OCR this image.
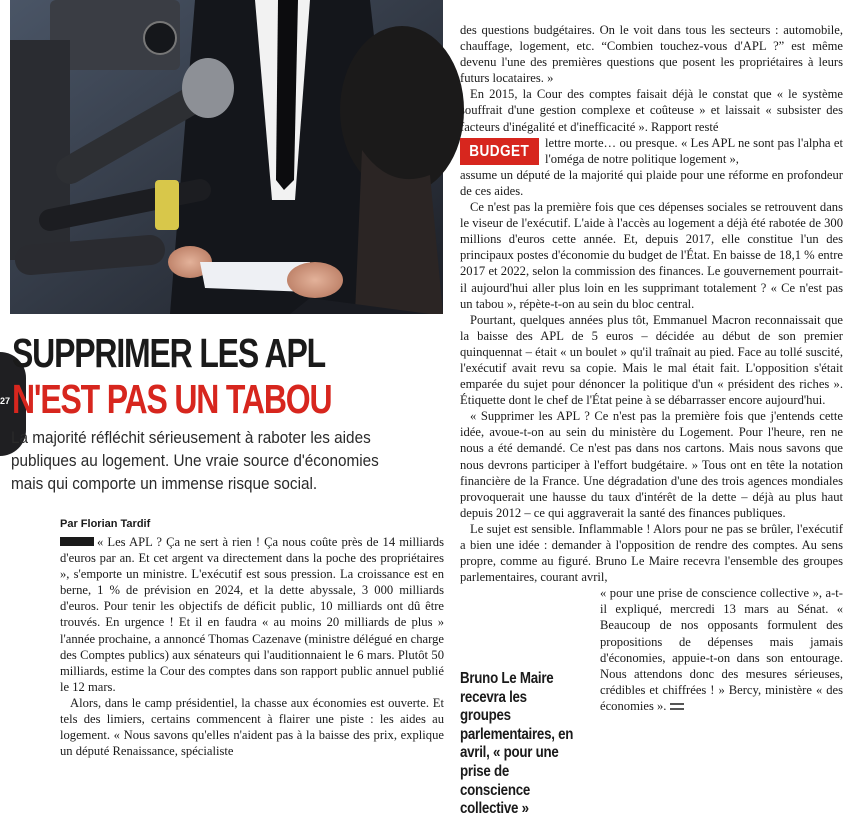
27
SUPPRIMER LES APL
N'EST PAS UN TABOU

La majorité réfléchit sérieusement à raboter les aides publiques au logement. Une vraie source d'économies mais qui comporte un immense risque social.

Par Florian Tardif

« Les APL ? Ça ne sert à rien ! Ça nous coûte près de 14 milliards d'euros par an. Et cet argent va directement dans la poche des propriétaires », s'emporte un ministre. L'exécutif est sous pression. La croissance est en berne, 1 % de prévision en 2024, et la dette abyssale, 3 000 milliards d'euros. Pour tenir les objectifs de déficit public, 10 milliards ont dû être trouvés. En urgence ! Et il en faudra « au moins 20 milliards de plus » l'année prochaine, a annoncé Thomas Cazenave (ministre délégué en charge des Comptes publics) aux sénateurs qui l'auditionnaient le 6 mars. Plutôt 50 milliards, estime la Cour des comptes dans son rapport public annuel publié le 12 mars.

Alors, dans le camp présidentiel, la chasse aux économies est ouverte. Et tels des limiers, certains commencent à flairer une piste : les aides au logement. « Nous savons qu'elles n'aident pas à la baisse des prix, explique un député Renaissance, spécialiste

des questions budgétaires. On le voit dans tous les secteurs : automobile, chauffage, logement, etc. “Combien touchez-vous d'APL ?” est même devenu l'une des premières questions que posent les propriétaires à leurs futurs locataires. »

En 2015, la Cour des comptes faisait déjà le constat que « le système souffrait d'une gestion complexe et coûteuse » et laissait « subsister des facteurs d'inégalité et d'inefficacité ». Rapport resté
lettre morte… ou presque. « Les APL ne sont pas l'alpha et l'oméga de notre politique logement »,
assume un député de la majorité qui plaide pour une réforme en profondeur de ces aides.

Ce n'est pas la première fois que ces dépenses sociales se retrouvent dans le viseur de l'exécutif. L'aide à l'accès au logement a déjà été rabotée de 300 millions d'euros cette année. Et, depuis 2017, elle constitue l'un des principaux postes d'économie du budget de l'État. En baisse de 18,1 % entre 2017 et 2022, selon la commission des finances. Le gouvernement pourrait-il aujourd'hui aller plus loin en les supprimant totalement ? « Ce n'est pas un tabou », répète-t-on au sein du bloc central.

Pourtant, quelques années plus tôt, Emmanuel Macron reconnaissait que la baisse des APL de 5 euros – décidée au début de son premier quinquennat – était « un boulet » qu'il traînait au pied. Face au tollé suscité, l'exécutif avait revu sa copie. Mais le mal était fait. L'opposition s'était emparée du sujet pour dénoncer la politique d'un « président des riches ». Étiquette dont le chef de l'État peine à se débarrasser encore aujourd'hui.

« Supprimer les APL ? Ce n'est pas la première fois que j'entends cette idée, avoue-t-on au sein du ministère du Logement. Pour l'heure, ren ne nous a été demandé. Ce n'est pas dans nos cartons. Mais nous savons que nous devrons participer à l'effort budgétaire. » Tous ont en tête la notation financière de la France. Une dégradation d'une des trois agences mondiales provoquerait une hausse du taux d'intérêt de la dette – déjà au plus haut depuis 2012 – ce qui aggraverait la santé des finances publiques.

Le sujet est sensible. Inflammable ! Alors pour ne pas se brûler, l'exécutif a bien une idée : demander à l'opposition de rendre des comptes. Au sens propre, comme au figuré. Bruno Le Maire recevra l'ensemble des groupes parlementaires, courant avril,
« pour une prise de conscience collective », a-t-il expliqué, mercredi 13 mars au Sénat. « Beaucoup de nos opposants formulent des propositions de dépenses mais jamais d'économies, appuie-t-on dans son entourage. Nous attendons donc des mesures sérieuses, crédibles et chiffrées ! » Bercy, ministère « des économies ».

BUDGET
Bruno Le Maire recevra les groupes parlementaires, en avril, « pour une prise de conscience collective »
